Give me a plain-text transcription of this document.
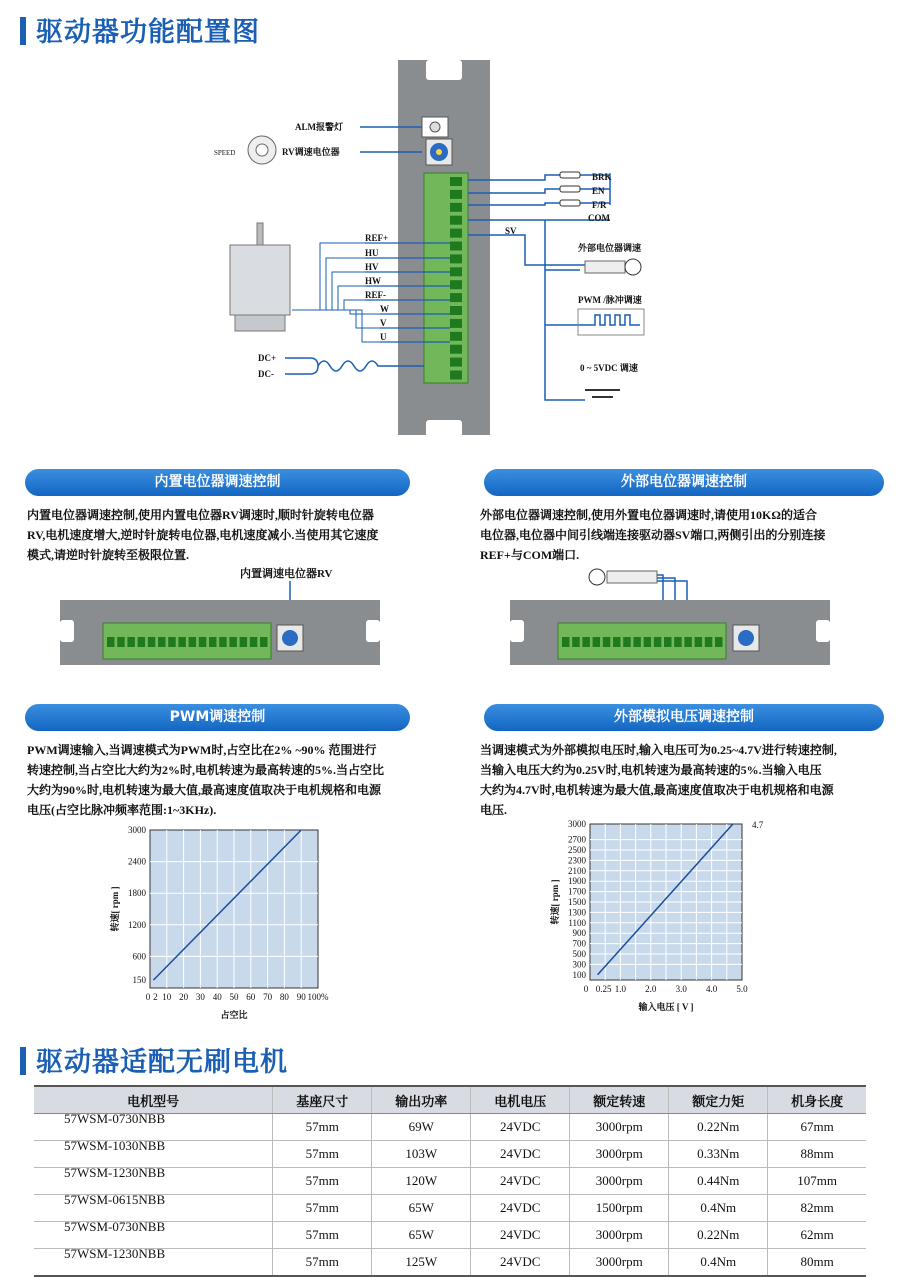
驱动器功能配置图
ALM报警灯
RV调速电位器
SPEED
REF+
HU
HV
HW
REF-
W
V
U
BRK
EN
F/R
COM
SV
外部电位器调速
PWM /脉冲调速
0 ~ 5VDC 调速
DC+
DC-
内置电位器调速控制	外部电位器调速控制
PWM调速控制	外部模拟电压调速控制
内置电位器调速控制,使用内置电位器RV调速时,顺时针旋转电位器
RV,电机速度增大,逆时针旋转电位器,电机速度减小.当使用其它速度
模式,请逆时针旋转至极限位置.
外部电位器调速控制,使用外置电位器调速时,请使用10KΩ的适合
电位器,电位器中间引线端连接驱动器SV端口,两侧引出的分别连接
REF+与COM端口.
PWM调速输入,当调速模式为PWM时,占空比在2% ~90% 范围进行
转速控制,当占空比大约为2%时,电机转速为最高转速的5%.当占空比
大约为90%时,电机转速为最大值,最高速度值取决于电机规格和电源
电压(占空比脉冲频率范围:1~3KHz).
当调速模式为外部模拟电压时,输入电压可为0.25~4.7V进行转速控制,
当输入电压大约为0.25V时,电机转速为最高转速的5%.当输入电压
大约为4.7V时,电机转速为最大值,最高速度值取决于电机规格和电源
电压.
内置调速电位器RV
0 2 10 20 30 40 50 60 70 80 90 100%
150
600
1200
1800
2400
3000
占空比
转速[ rpm ]
0 0.25 1.0 2.0 3.0 4.0 5.0
100
300
500
700
900
1100
1300
1500
1700
1900
2100
2300
2500
2700
3000
输入电压 [ V ]
转速[ rpm ]
4.7
驱动器适配无刷电机
电机型号	基座尺寸	输出功率	电机电压	额定转速	额定力矩	机身长度
57WSM-0730NBB	57mm	69W	24VDC	3000rpm	0.22Nm	67mm
57WSM-1030NBB	57mm	103W	24VDC	3000rpm	0.33Nm	88mm
57WSM-1230NBB	57mm	120W	24VDC	3000rpm	0.44Nm	107mm
57WSM-0615NBB	57mm	65W	24VDC	1500rpm	0.4Nm	82mm
57WSM-0730NBB	57mm	65W	24VDC	3000rpm	0.22Nm	62mm
57WSM-1230NBB	57mm	125W	24VDC	3000rpm	0.4Nm	80mm
